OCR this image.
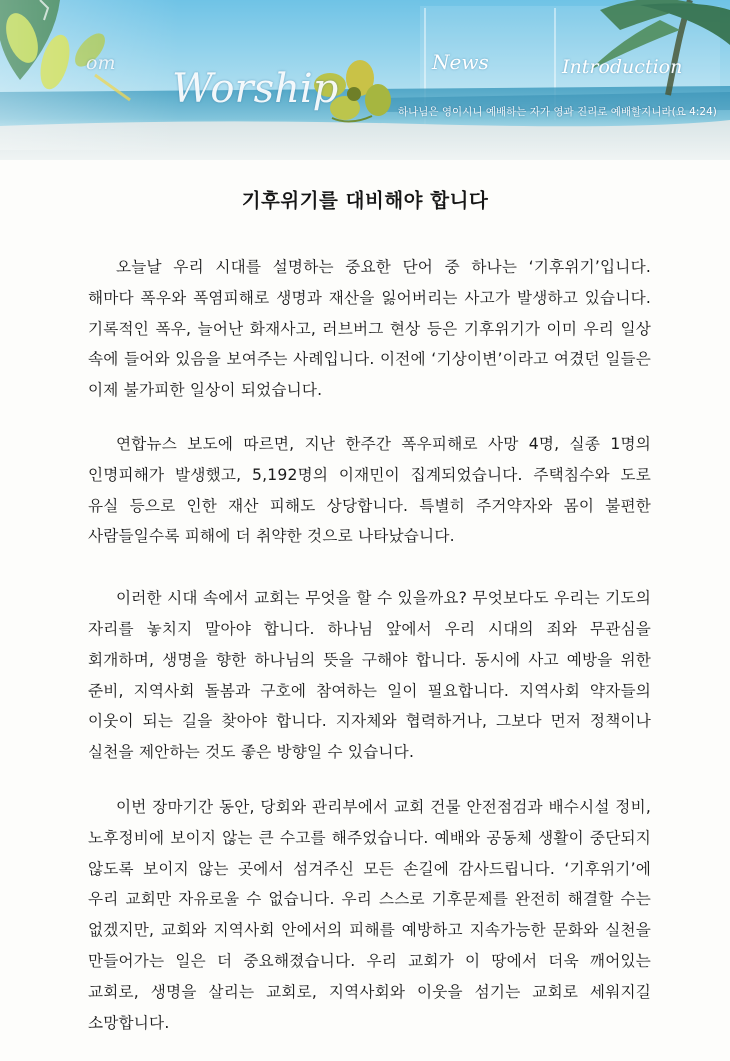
om
Worship
News	Introduction
하나님은 영이시니 예배하는 자가 영과 진리로 예배할지니라(요 4:24)
기후위기를 대비해야 합니다

오늘날 우리 시대를 설명하는 중요한 단어 중 하나는 ‘기후위기’입니다. 해마다 폭우와 폭염피해로 생명과 재산을 잃어버리는 사고가 발생하고 있습니다. 기록적인 폭우, 늘어난 화재사고, 러브버그 현상 등은 기후위기가 이미 우리 일상 속에 들어와 있음을 보여주는 사례입니다. 이전에 ‘기상이변’이라고 여겼던 일들은 이제 불가피한 일상이 되었습니다.

연합뉴스 보도에 따르면, 지난 한주간 폭우피해로 사망 4명, 실종 1명의 인명피해가 발생했고, 5,192명의 이재민이 집계되었습니다. 주택침수와 도로 유실 등으로 인한 재산 피해도 상당합니다. 특별히 주거약자와 몸이 불편한 사람들일수록 피해에 더 취약한 것으로 나타났습니다.

이러한 시대 속에서 교회는 무엇을 할 수 있을까요? 무엇보다도 우리는 기도의 자리를 놓치지 말아야 합니다. 하나님 앞에서 우리 시대의 죄와 무관심을 회개하며, 생명을 향한 하나님의 뜻을 구해야 합니다. 동시에 사고 예방을 위한 준비, 지역사회 돌봄과 구호에 참여하는 일이 필요합니다. 지역사회 약자들의 이웃이 되는 길을 찾아야 합니다. 지자체와 협력하거나, 그보다 먼저 정책이나 실천을 제안하는 것도 좋은 방향일 수 있습니다.

이번 장마기간 동안, 당회와 관리부에서 교회 건물 안전점검과 배수시설 정비, 노후정비에 보이지 않는 큰 수고를 해주었습니다. 예배와 공동체 생활이 중단되지 않도록 보이지 않는 곳에서 섬겨주신 모든 손길에 감사드립니다. ‘기후위기’에 우리 교회만 자유로울 수 없습니다. 우리 스스로 기후문제를 완전히 해결할 수는 없겠지만, 교회와 지역사회 안에서의 피해를 예방하고 지속가능한 문화와 실천을 만들어가는 일은 더 중요해졌습니다. 우리 교회가 이 땅에서 더욱 깨어있는 교회로, 생명을 살리는 교회로, 지역사회와 이웃을 섬기는 교회로 세워지길 소망합니다.
